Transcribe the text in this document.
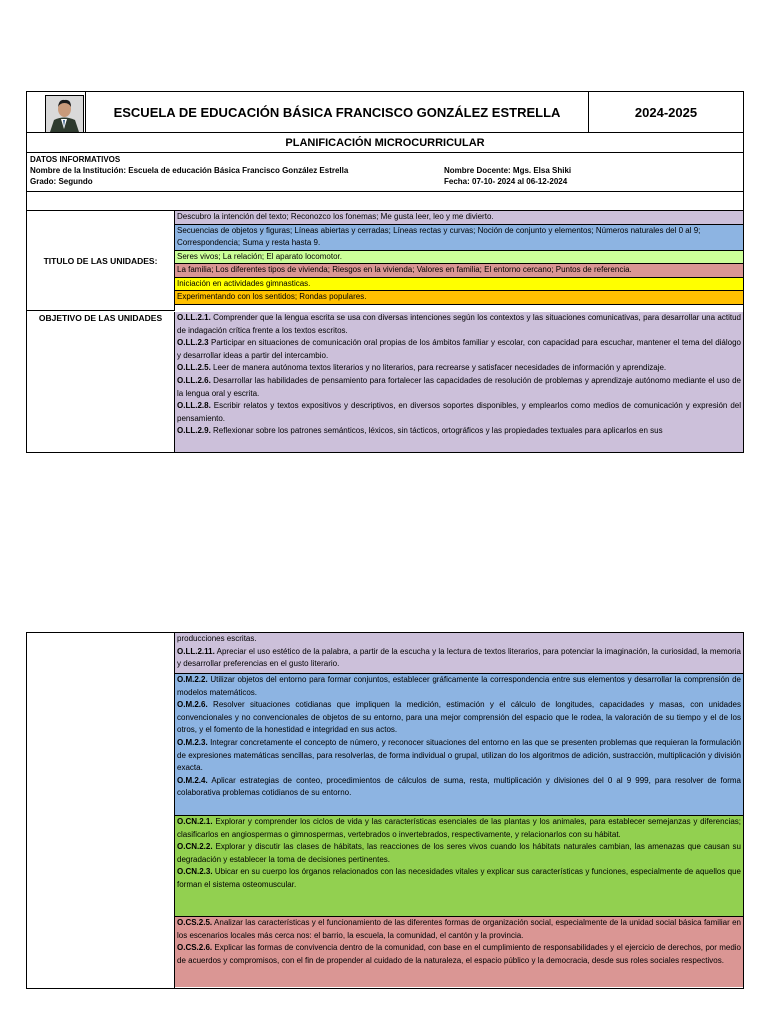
ESCUELA DE EDUCACIÓN BÁSICA FRANCISCO GONZÁLEZ ESTRELLA	2024-2025
PLANIFICACIÓN MICROCURRICULAR
DATOS INFORMATIVOS
Nombre de la Institución: Escuela de educación Básica Francisco González Estrella	Nombre Docente: Mgs. Elsa Shiki
Grado: Segundo	Fecha: 07-10- 2024 al 06-12-2024
TITULO DE LAS UNIDADES:
Descubro la intención del texto; Reconozco los fonemas; Me gusta leer, leo y me divierto.
Secuencias de objetos y figuras; Líneas abiertas y cerradas; Líneas rectas y curvas; Noción de conjunto y elementos; Números naturales del 0 al 9; Correspondencia; Suma y resta hasta 9.
Seres vivos; La relación; El aparato locomotor.
La familia; Los diferentes tipos de vivienda; Riesgos en la vivienda; Valores en familia; El entorno cercano; Puntos de referencia.
Iniciación en actividades gimnasticas.
Experimentando con los sentidos; Rondas populares.
OBJETIVO DE LAS UNIDADES	O.LL.2.1. Comprender que la lengua escrita se usa con diversas intenciones según los contextos y las situaciones comunicativas, para desarrollar una actitud de indagación crítica frente a los textos escritos.
O.LL.2.3 Participar en situaciones de comunicación oral propias de los ámbitos familiar y escolar, con capacidad para escuchar, mantener el tema del diálogo y desarrollar ideas a partir del intercambio.
O.LL.2.5. Leer de manera autónoma textos literarios y no literarios, para recrearse y satisfacer necesidades de información y aprendizaje.
O.LL.2.6. Desarrollar las habilidades de pensamiento para fortalecer las capacidades de resolución de problemas y aprendizaje autónomo mediante el uso de la lengua oral y escrita.
O.LL.2.8. Escribir relatos y textos expositivos y descriptivos, en diversos soportes disponibles, y emplearlos como medios de comunicación y expresión del pensamiento.
O.LL.2.9. Reflexionar sobre los patrones semánticos, léxicos, sin tácticos, ortográficos y las propiedades textuales para aplicarlos en sus
producciones escritas.
O.LL.2.11. Apreciar el uso estético de la palabra, a partir de la escucha y la lectura de textos literarios, para potenciar la imaginación, la curiosidad, la memoria y desarrollar preferencias en el gusto literario.
O.M.2.2. Utilizar objetos del entorno para formar conjuntos, establecer gráficamente la correspondencia entre sus elementos y desarrollar la comprensión de modelos matemáticos.
O.M.2.6. Resolver situaciones cotidianas que impliquen la medición, estimación y el cálculo de longitudes, capacidades y masas, con unidades convencionales y no convencionales de objetos de su entorno, para una mejor comprensión del espacio que le rodea, la valoración de su tiempo y el de los otros, y el fomento de la honestidad e integridad en sus actos.
O.M.2.3. Integrar concretamente el concepto de número, y reconocer situaciones del entorno en las que se presenten problemas que requieran la formulación de expresiones matemáticas sencillas, para resolverlas, de forma individual o grupal, utilizan do los algoritmos de adición, sustracción, multiplicación y división exacta.
O.M.2.4. Aplicar estrategias de conteo, procedimientos de cálculos de suma, resta, multiplicación y divisiones del 0 al 9 999, para resolver de forma colaborativa problemas cotidianos de su entorno.
O.CN.2.1. Explorar y comprender los ciclos de vida y las características esenciales de las plantas y los animales, para establecer semejanzas y diferencias; clasificarlos en angiospermas o gimnospermas, vertebrados o invertebrados, respectivamente, y relacionarlos con su hábitat.
O.CN.2.2. Explorar y discutir las clases de hábitats, las reacciones de los seres vivos cuando los hábitats naturales cambian, las amenazas que causan su degradación y establecer la toma de decisiones pertinentes.
O.CN.2.3. Ubicar en su cuerpo los órganos relacionados con las necesidades vitales y explicar sus características y funciones, especialmente de aquellos que forman el sistema osteomuscular.
O.CS.2.5. Analizar las características y el funcionamiento de las diferentes formas de organización social, especialmente de la unidad social básica familiar en los escenarios locales más cerca nos: el barrio, la escuela, la comunidad, el cantón y la provincia.
O.CS.2.6. Explicar las formas de convivencia dentro de la comunidad, con base en el cumplimiento de responsabilidades y el ejercicio de derechos, por medio de acuerdos y compromisos, con el fin de propender al cuidado de la naturaleza, el espacio público y la democracia, desde sus roles sociales respectivos.
